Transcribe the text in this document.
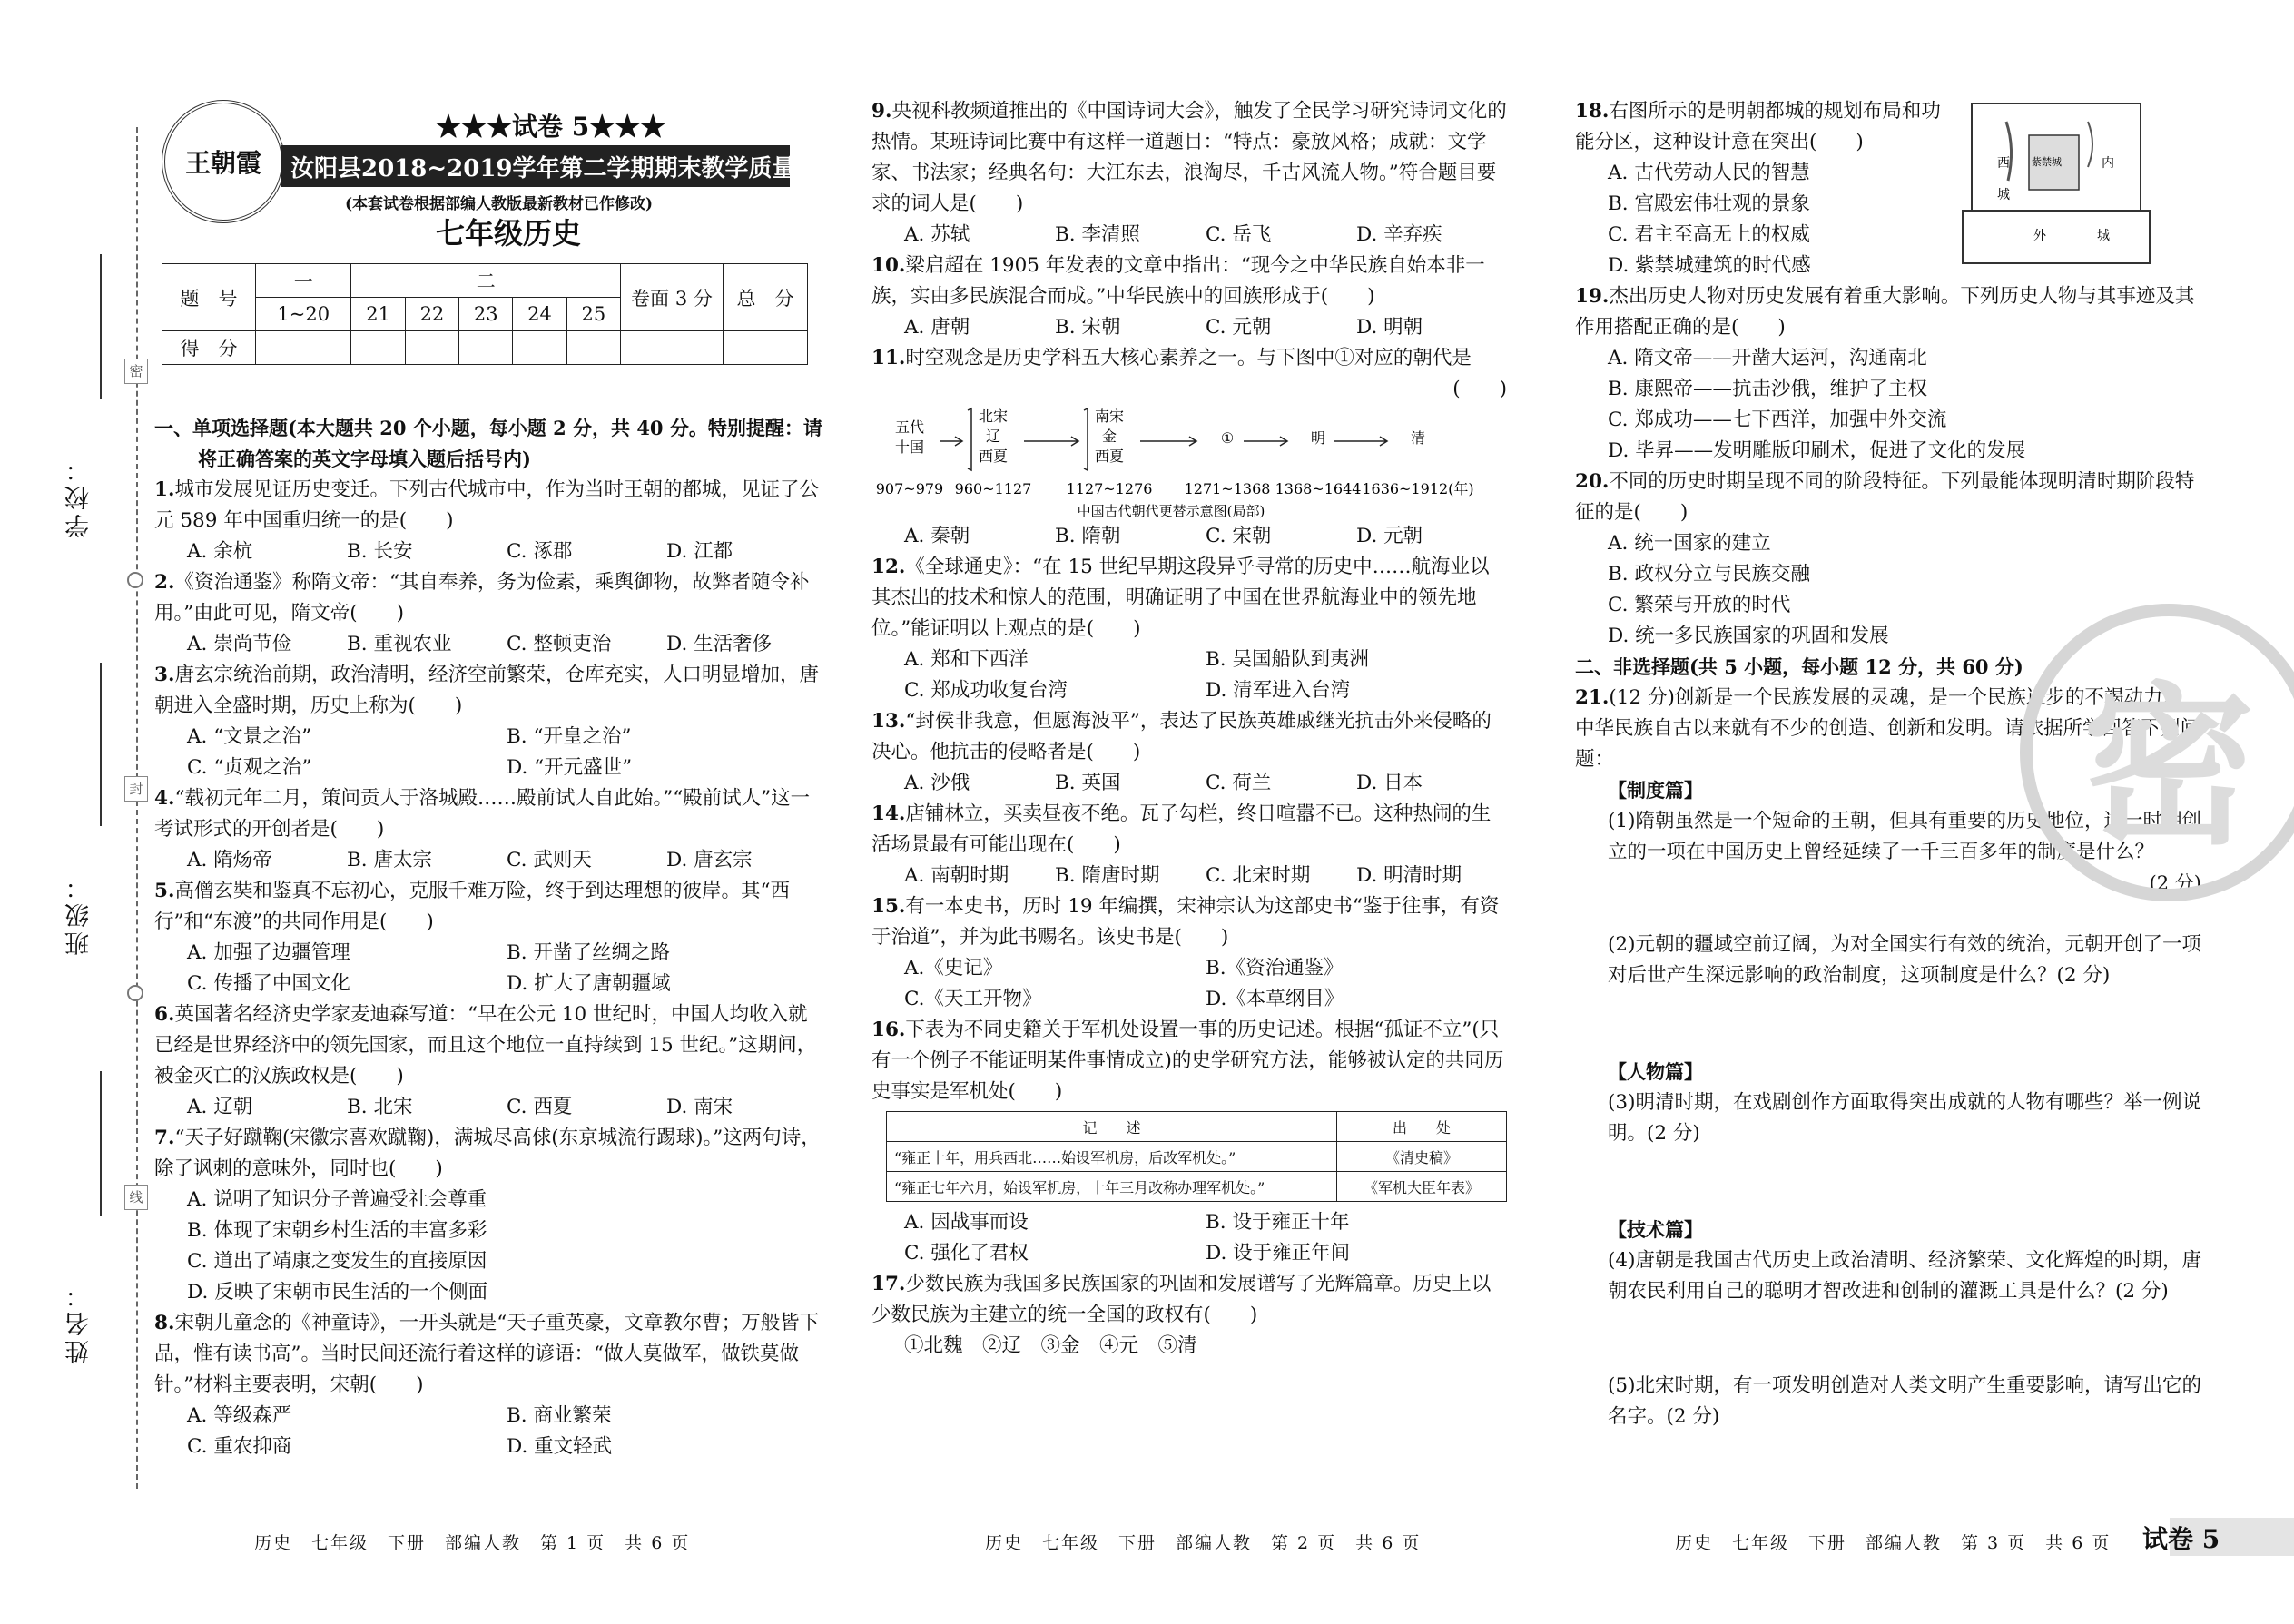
学校：
班级：
姓名：
密
封
线
王朝霞
★★★试卷 5★★★
汝阳县2018~2019学年第二学期期末教学质量检测试卷
(本套试卷根据部编人教版最新教材已作修改)
七年级历史
题　号	一	二					卷面 3 分	总　分
	1~20	21	22	23	24	25		
得　分								

一、单项选择题(本大题共 20 个小题，每小题 2 分，共 40 分。特别提醒：请

将正确答案的英文字母填入题后括号内)

1.城市发展见证历史变迁。下列古代城市中，作为当时王朝的都城，见证了公元 589 年中国重归统一的是(　　)

A. 余杭	B. 长安	C. 涿郡	D. 江都

2.《资治通鉴》称隋文帝：“其自奉养，务为俭素，乘舆御物，故弊者随令补用。”由此可见，隋文帝(　　)

A. 崇尚节俭	B. 重视农业	C. 整顿吏治	D. 生活奢侈

3.唐玄宗统治前期，政治清明，经济空前繁荣，仓库充实，人口明显增加，唐朝进入全盛时期，历史上称为(　　)

A. “文景之治”	B. “开皇之治”
C. “贞观之治”	D. “开元盛世”

4.“载初元年二月，策问贡人于洛城殿……殿前试人自此始。”“殿前试人”这一考试形式的开创者是(　　)

A. 隋炀帝	B. 唐太宗	C. 武则天	D. 唐玄宗

5.高僧玄奘和鉴真不忘初心，克服千难万险，终于到达理想的彼岸。其“西行”和“东渡”的共同作用是(　　)

A. 加强了边疆管理	B. 开凿了丝绸之路
C. 传播了中国文化	D. 扩大了唐朝疆域

6.英国著名经济史学家麦迪森写道：“早在公元 10 世纪时，中国人均收入就已经是世界经济中的领先国家，而且这个地位一直持续到 15 世纪。”这期间，被金灭亡的汉族政权是(　　)

A. 辽朝	B. 北宋	C. 西夏	D. 南宋

7.“天子好蹴鞠(宋徽宗喜欢蹴鞠)，满城尽高俅(东京城流行踢球)。”这两句诗，除了讽刺的意味外，同时也(　　)

A. 说明了知识分子普遍受社会尊重
B. 体现了宋朝乡村生活的丰富多彩
C. 道出了靖康之变发生的直接原因
D. 反映了宋朝市民生活的一个侧面

8.宋朝儿童念的《神童诗》，一开头就是“天子重英豪，文章教尔曹；万般皆下品，惟有读书高”。当时民间还流行着这样的谚语：“做人莫做军，做铁莫做针。”材料主要表明，宋朝(　　)

A. 等级森严	B. 商业繁荣
C. 重农抑商	D. 重文轻武

9.央视科教频道推出的《中国诗词大会》，触发了全民学习研究诗词文化的热情。某班诗词比赛中有这样一道题目：“特点：豪放风格；成就：文学家、书法家；经典名句：大江东去，浪淘尽，千古风流人物。”符合题目要求的词人是(　　)

A. 苏轼	B. 李清照	C. 岳飞	D. 辛弃疾

10.梁启超在 1905 年发表的文章中指出：“现今之中华民族自始本非一族，实由多民族混合而成。”中华民族中的回族形成于(　　)

A. 唐朝	B. 宋朝	C. 元朝	D. 明朝

11.时空观念是历史学科五大核心素养之一。与下图中①对应的朝代是
(　　)

五代
十国
907~979
北宋
辽
西夏
960~1127
南宋
金
西夏
1127~1276
①
1271~1368
明
1368~1644
清
1636~1912(年)
中国古代朝代更替示意图(局部)
A. 秦朝	B. 隋朝	C. 宋朝	D. 元朝

12.《全球通史》：“在 15 世纪早期这段异乎寻常的历史中……航海业以其杰出的技术和惊人的范围，明确证明了中国在世界航海业中的领先地位。”能证明以上观点的是(　　)

A. 郑和下西洋	B. 吴国船队到夷洲
C. 郑成功收复台湾	D. 清军进入台湾

13.“封侯非我意，但愿海波平”，表达了民族英雄戚继光抗击外来侵略的决心。他抗击的侵略者是(　　)

A. 沙俄	B. 英国	C. 荷兰	D. 日本

14.店铺林立，买卖昼夜不绝。瓦子勾栏，终日喧嚣不已。这种热闹的生活场景最有可能出现在(　　)

A. 南朝时期	B. 隋唐时期	C. 北宋时期	D. 明清时期

15.有一本史书，历时 19 年编撰，宋神宗认为这部史书“鉴于往事，有资于治道”，并为此书赐名。该史书是(　　)

A.《史记》	B.《资治通鉴》
C.《天工开物》	D.《本草纲目》

16.下表为不同史籍关于军机处设置一事的历史记述。根据“孤证不立”(只有一个例子不能证明某件事情成立)的史学研究方法，能够被认定的共同历史事实是军机处(　　)

记　　述	出　　处
“雍正十年，用兵西北……始设军机房，后改军机处。”	《清史稿》
“雍正七年六月，始设军机房，十年三月改称办理军机处。”	《军机大臣年表》
A. 因战事而设	B. 设于雍正十年
C. 强化了君权	D. 设于雍正年间

17.少数民族为我国多民族国家的巩固和发展谱写了光辉篇章。历史上以少数民族为主建立的统一全国的政权有(　　)

①北魏　②辽　③金　④元　⑤清

18.右图所示的是明朝都城的规划布局和功能分区，这种设计意在突出(　　)

A. 古代劳动人民的智慧
B. 宫殿宏伟壮观的景象
C. 君主至高无上的权威
D. 紫禁城建筑的时代感

19.杰出历史人物对历史发展有着重大影响。下列历史人物与其事迹及其作用搭配正确的是(　　)

A. 隋文帝——开凿大运河，沟通南北
B. 康熙帝——抗击沙俄，维护了主权
C. 郑成功——七下西洋，加强中外交流
D. 毕昇——发明雕版印刷术，促进了文化的发展

20.不同的历史时期呈现不同的阶段特征。下列最能体现明清时期阶段特征的是(　　)

A. 统一国家的建立
B. 政权分立与民族交融
C. 繁荣与开放的时代
D. 统一多民族国家的巩固和发展

二、非选择题(共 5 小题，每小题 12 分，共 60 分)

21.(12 分)创新是一个民族发展的灵魂，是一个民族进步的不竭动力，中华民族自古以来就有不少的创造、创新和发明。请依据所学回答下列问题：

【制度篇】
(1)隋朝虽然是一个短命的王朝，但具有重要的历史地位，这一时期创立的一项在中国历史上曾经延续了一千三百多年的制度是什么？
(2 分)
(2)元朝的疆域空前辽阔，为对全国实行有效的统治，元朝开创了一项对后世产生深远影响的政治制度，这项制度是什么？(2 分)
【人物篇】
(3)明清时期，在戏剧创作方面取得突出成就的人物有哪些？举一例说明。(2 分)
【技术篇】
(4)唐朝是我国古代历史上政治清明、经济繁荣、文化辉煌的时期，唐朝农民利用自己的聪明才智改进和创制的灌溉工具是什么？(2 分)
(5)北宋时期，有一项发明创造对人类文明产生重要影响，请写出它的名字。(2 分)
西	内
外
城
城
紫禁城
密
历史　七年级　下册　部编人教　第 1 页　共 6 页	历史　七年级　下册　部编人教　第 2 页　共 6 页	历史　七年级　下册　部编人教　第 3 页　共 6 页 试卷 5
